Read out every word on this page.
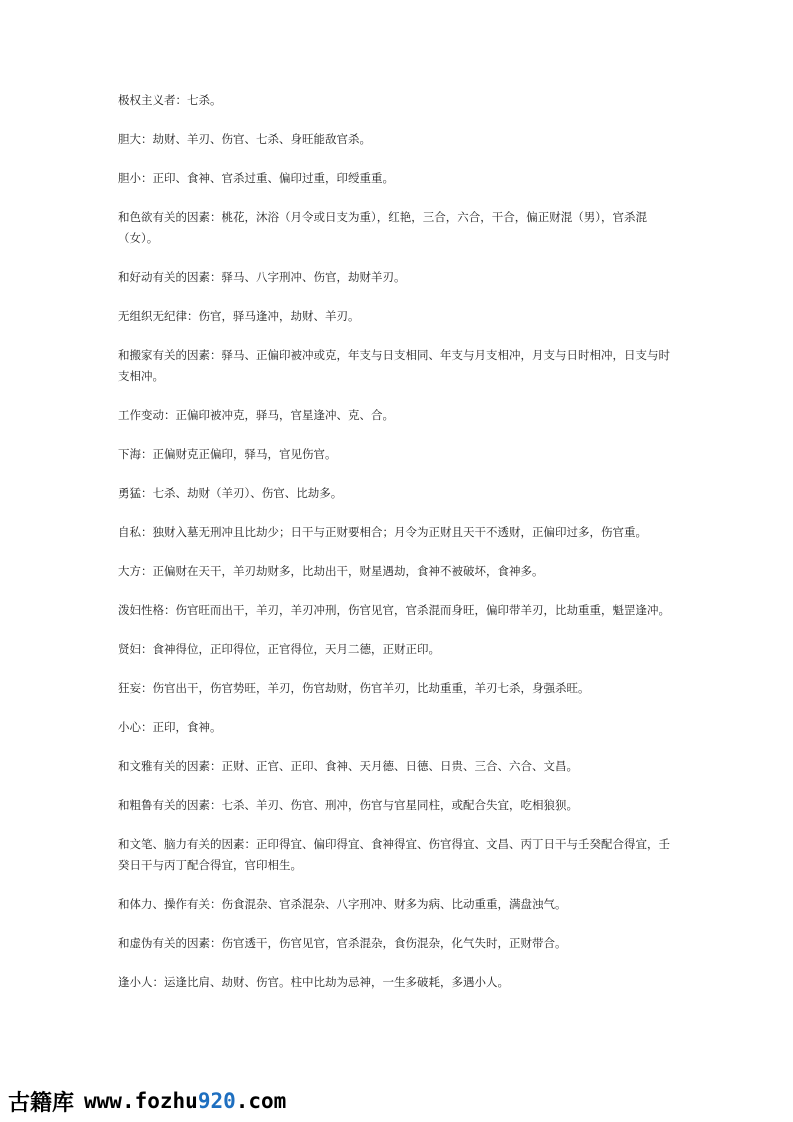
极权主义者：七杀。

胆大：劫财、羊刃、伤官、七杀、身旺能敌官杀。

胆小：正印、食神、官杀过重、偏印过重，印绶重重。

和色欲有关的因素：桃花，沐浴（月令或日支为重），红艳，三合，六合，干合，偏正财混（男），官杀混（女）。

和好动有关的因素：驿马、八字刑冲、伤官，劫财羊刃。

无组织无纪律：伤官，驿马逢冲，劫财、羊刃。

和搬家有关的因素：驿马、正偏印被冲或克，年支与日支相同、年支与月支相冲，月支与日时相冲，日支与时支相冲。

工作变动：正偏印被冲克，驿马，官星逢冲、克、合。

下海：正偏财克正偏印，驿马，官见伤官。

勇猛：七杀、劫财（羊刃）、伤官、比劫多。

自私：独财入墓无刑冲且比劫少；日干与正财要相合；月令为正财且天干不透财，正偏印过多，伤官重。

大方：正偏财在天干，羊刃劫财多，比劫出干，财星遇劫，食神不被破坏，食神多。

泼妇性格：伤官旺而出干，羊刃，羊刃冲刑，伤官见官，官杀混而身旺，偏印带羊刃，比劫重重，魁罡逢冲。

贤妇：食神得位，正印得位，正官得位，天月二德，正财正印。

狂妄：伤官出干，伤官势旺，羊刃，伤官劫财，伤官羊刃，比劫重重，羊刃七杀，身强杀旺。

小心：正印，食神。

和文雅有关的因素：正财、正官、正印、食神、天月德、日德、日贵、三合、六合、文昌。

和粗鲁有关的因素：七杀、羊刃、伤官、刑冲，伤官与官星同柱，或配合失宜，吃相狼狈。

和文笔、脑力有关的因素：正印得宜、偏印得宜、食神得宜、伤官得宜、文昌、丙丁日干与壬癸配合得宜，壬癸日干与丙丁配合得宜，官印相生。

和体力、操作有关：伤食混杂、官杀混杂、八字刑冲、财多为病、比动重重，满盘浊气。

和虚伪有关的因素：伤官透干，伤官见官，官杀混杂，食伤混杂，化气失时，正财带合。

逢小人：运逢比肩、劫财、伤官。柱中比劫为忌神，一生多破耗，多遇小人。

古籍库 www.fozhu920.com
